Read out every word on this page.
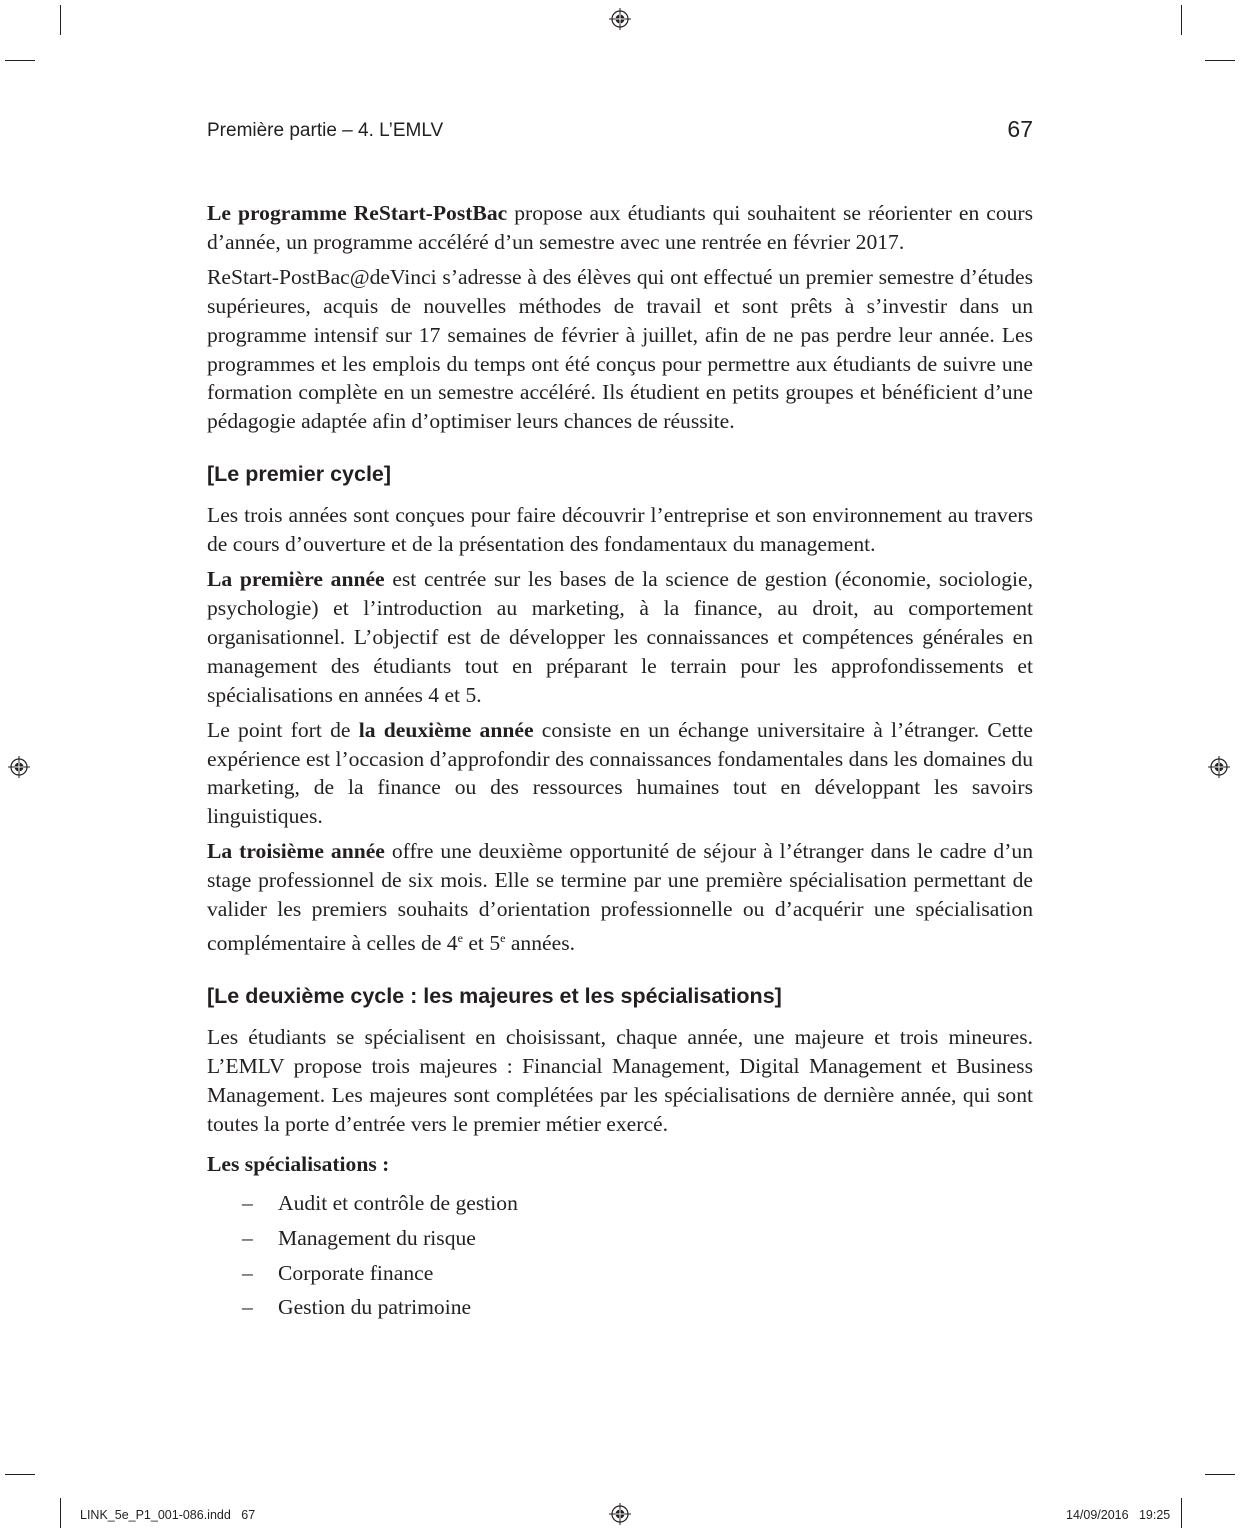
Première partie – 4. L’EMLV	67

Le programme ReStart-PostBac propose aux étudiants qui souhaitent se réorienter en cours d’année, un programme accéléré d’un semestre avec une rentrée en février 2017.

ReStart-PostBac@deVinci s’adresse à des élèves qui ont effectué un premier semestre d’études supérieures, acquis de nouvelles méthodes de travail et sont prêts à s’investir dans un programme intensif sur 17 semaines de février à juillet, afin de ne pas perdre leur année. Les programmes et les emplois du temps ont été conçus pour permettre aux étudiants de suivre une formation complète en un semestre accéléré. Ils étudient en petits groupes et bénéficient d’une pédagogie adaptée afin d’optimiser leurs chances de réussite.

[Le premier cycle]

Les trois années sont conçues pour faire découvrir l’entreprise et son environnement au travers de cours d’ouverture et de la présentation des fondamentaux du management.

La première année est centrée sur les bases de la science de gestion (économie, sociologie, psychologie) et l’introduction au marketing, à la finance, au droit, au comportement organisationnel. L’objectif est de développer les connaissances et compétences générales en management des étudiants tout en préparant le terrain pour les approfondissements et spécialisations en années 4 et 5.

Le point fort de la deuxième année consiste en un échange universitaire à l’étranger. Cette expérience est l’occasion d’approfondir des connaissances fondamentales dans les domaines du marketing, de la finance ou des ressources humaines tout en développant les savoirs linguistiques.

La troisième année offre une deuxième opportunité de séjour à l’étranger dans le cadre d’un stage professionnel de six mois. Elle se termine par une première spécialisation permettant de valider les premiers souhaits d’orientation professionnelle ou d’acquérir une spécialisation complémentaire à celles de 4e et 5e années.

[Le deuxième cycle : les majeures et les spécialisations]

Les étudiants se spécialisent en choisissant, chaque année, une majeure et trois mineures. L’EMLV propose trois majeures : Financial Management, Digital Management et Business Management. Les majeures sont complétées par les spécialisations de dernière année, qui sont toutes la porte d’entrée vers le premier métier exercé.

Les spécialisations :

– Audit et contrôle de gestion
– Management du risque
– Corporate finance
– Gestion du patrimoine
LINK_5e_P1_001-086.indd   67	14/09/2016   19:25
